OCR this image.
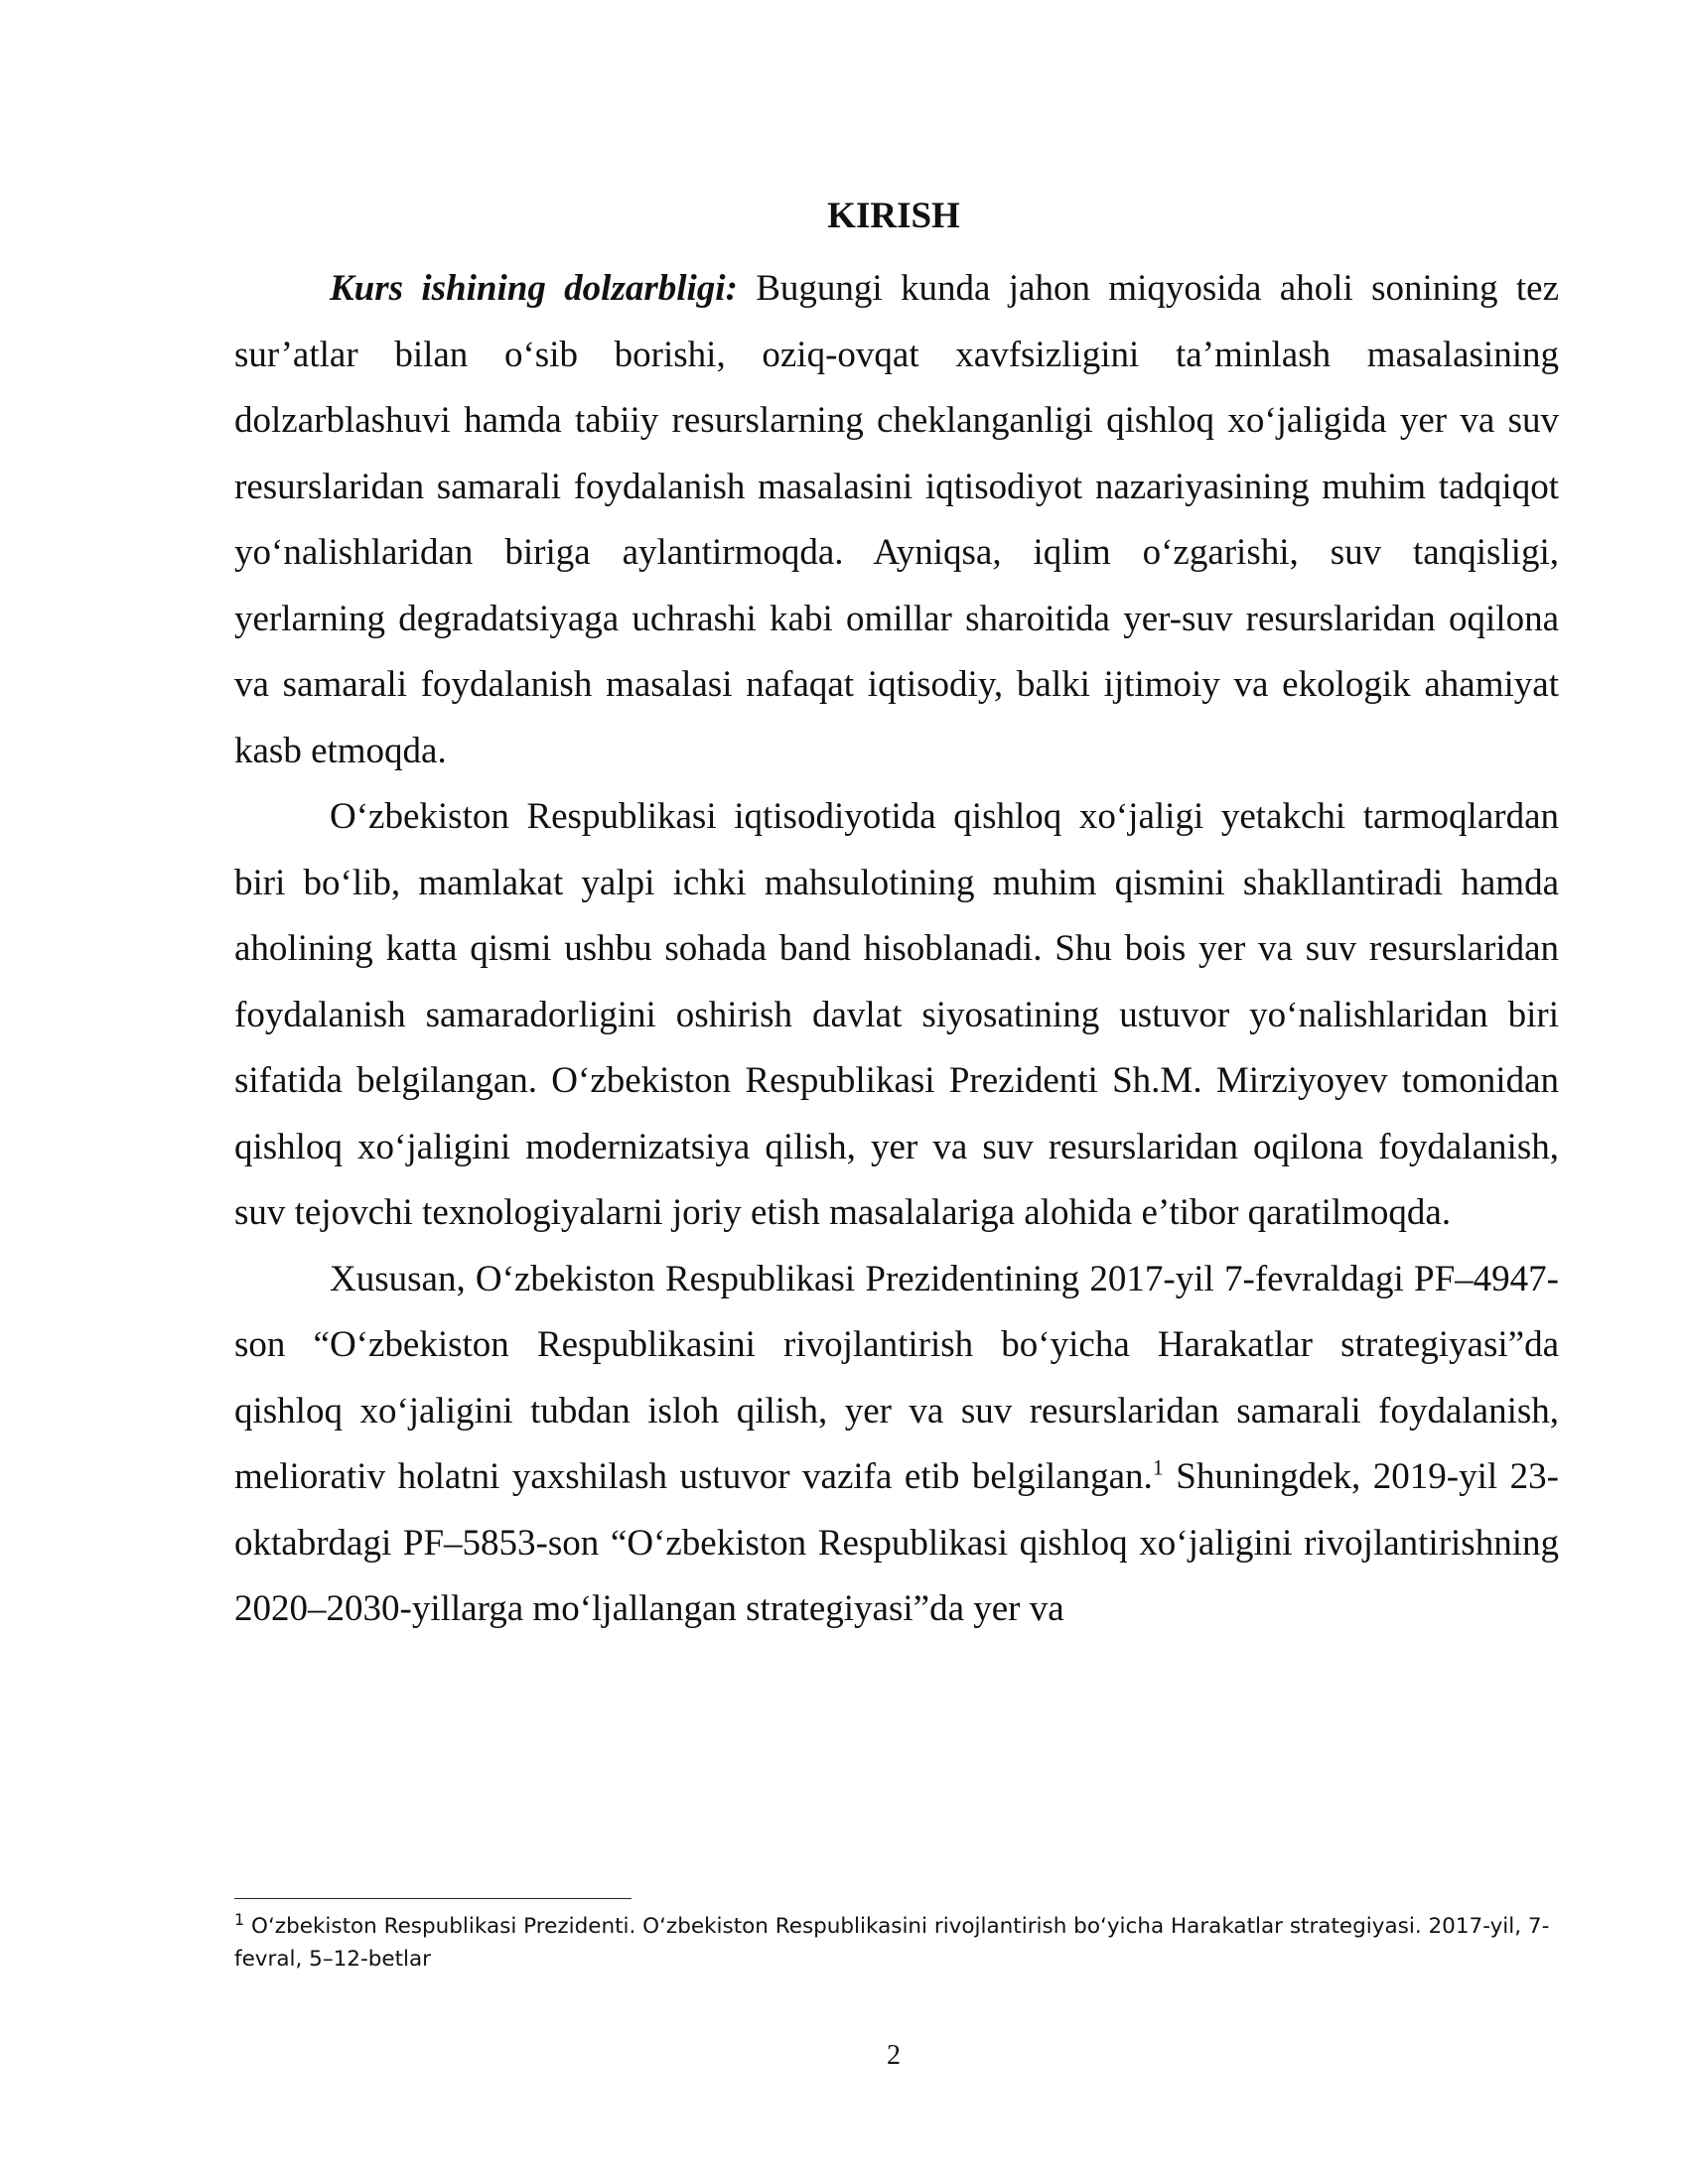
KIRISH

Kurs ishining dolzarbligi: Bugungi kunda jahon miqyosida aholi sonining tez sur’atlar bilan o‘sib borishi, oziq-ovqat xavfsizligini ta’minlash masalasining dolzarblashuvi hamda tabiiy resurslarning cheklanganligi qishloq xo‘jaligida yer va suv resurslaridan samarali foydalanish masalasini iqtisodiyot nazariyasining muhim tadqiqot yo‘nalishlaridan biriga aylantirmoqda. Ayniqsa, iqlim o‘zgarishi, suv tanqisligi, yerlarning degradatsiyaga uchrashi kabi omillar sharoitida yer-suv resurslaridan oqilona va samarali foydalanish masalasi nafaqat iqtisodiy, balki ijtimoiy va ekologik ahamiyat kasb etmoqda.

O‘zbekiston Respublikasi iqtisodiyotida qishloq xo‘jaligi yetakchi tarmoqlardan biri bo‘lib, mamlakat yalpi ichki mahsulotining muhim qismini shakllantiradi hamda aholining katta qismi ushbu sohada band hisoblanadi. Shu bois yer va suv resurslaridan foydalanish samaradorligini oshirish davlat siyosatining ustuvor yo‘nalishlaridan biri sifatida belgilangan. O‘zbekiston Respublikasi Prezidenti Sh.M. Mirziyoyev tomonidan qishloq xo‘jaligini modernizatsiya qilish, yer va suv resurslaridan oqilona foydalanish, suv tejovchi texnologiyalarni joriy etish masalalariga alohida e’tibor qaratilmoqda.

Xususan, O‘zbekiston Respublikasi Prezidentining 2017-yil 7-fevraldagi PF–4947-son “O‘zbekiston Respublikasini rivojlantirish bo‘yicha Harakatlar strategiyasi”da qishloq xo‘jaligini tubdan isloh qilish, yer va suv resurslaridan samarali foydalanish, meliorativ holatni yaxshilash ustuvor vazifa etib belgilangan.$^1$ Shuningdek, 2019-yil 23-oktabrdagi PF–5853-son “O‘zbekiston Respublikasi qishloq xo‘jaligini rivojlantirishning 2020–2030-yillarga mo‘ljallangan strategiyasi”da yer va

$^1$ O‘zbekiston Respublikasi Prezidenti. O‘zbekiston Respublikasini rivojlantirish bo‘yicha Harakatlar strategiyasi. 2017-yil, 7-fevral, 5–12-betlar
2
